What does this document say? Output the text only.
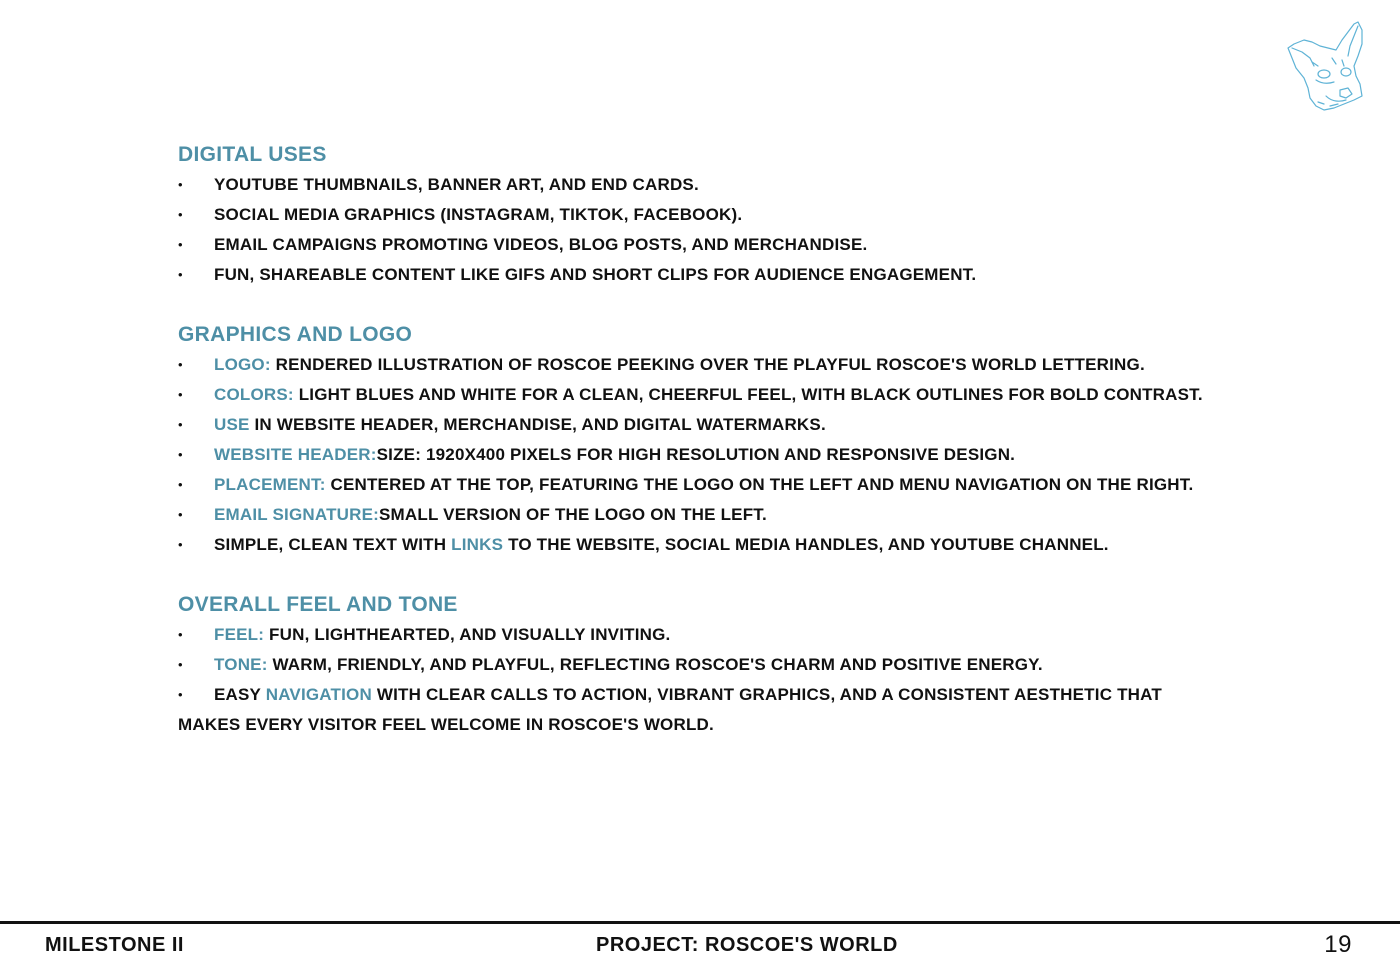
DIGITAL USES
• YOUTUBE THUMBNAILS, BANNER ART, AND END CARDS.
• SOCIAL MEDIA GRAPHICS (INSTAGRAM, TIKTOK, FACEBOOK).
• EMAIL CAMPAIGNS PROMOTING VIDEOS, BLOG POSTS, AND MERCHANDISE.
• FUN, SHAREABLE CONTENT LIKE GIFS AND SHORT CLIPS FOR AUDIENCE ENGAGEMENT.
GRAPHICS AND LOGO
• LOGO: RENDERED ILLUSTRATION OF ROSCOE PEEKING OVER THE PLAYFUL ROSCOE'S WORLD LETTERING.
• COLORS: LIGHT BLUES AND WHITE FOR A CLEAN, CHEERFUL FEEL, WITH BLACK OUTLINES FOR BOLD CONTRAST.
• USE IN WEBSITE HEADER, MERCHANDISE, AND DIGITAL WATERMARKS.
• WEBSITE HEADER:SIZE: 1920X400 PIXELS FOR HIGH RESOLUTION AND RESPONSIVE DESIGN.
• PLACEMENT: CENTERED AT THE TOP, FEATURING THE LOGO ON THE LEFT AND MENU NAVIGATION ON THE RIGHT.
• EMAIL SIGNATURE:SMALL VERSION OF THE LOGO ON THE LEFT.
• SIMPLE, CLEAN TEXT WITH LINKS TO THE WEBSITE, SOCIAL MEDIA HANDLES, AND YOUTUBE CHANNEL.
OVERALL FEEL AND TONE
• FEEL: FUN, LIGHTHEARTED, AND VISUALLY INVITING.
• TONE: WARM, FRIENDLY, AND PLAYFUL, REFLECTING ROSCOE'S CHARM AND POSITIVE ENERGY.
• EASY NAVIGATION WITH CLEAR CALLS TO ACTION, VIBRANT GRAPHICS, AND A CONSISTENT AESTHETIC THAT MAKES EVERY VISITOR FEEL WELCOME IN ROSCOE'S WORLD.
MILESTONE II	PROJECT: ROSCOE'S WORLD	19
